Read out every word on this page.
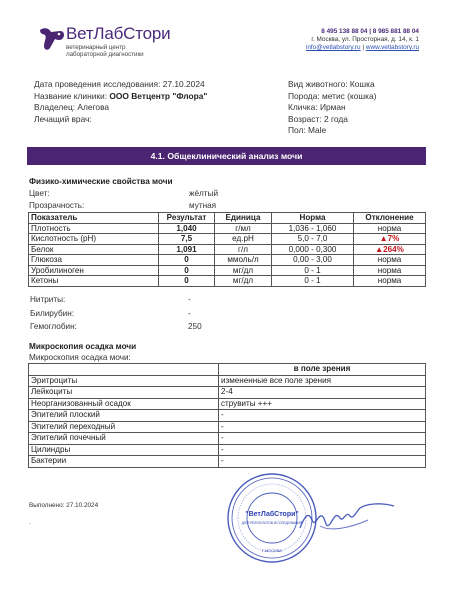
ВетЛабСтори
ветеринарный центр
лабораторной диагностики
8 495 138 88 04 | 8 985 881 88 04
г. Москва, ул. Просторная, д. 14, к. 1
info@vetlabstory.ru | www.vetlabstory.ru
Дата проведения исследования: 27.10.2024
Название клиники: ООО Ветцентр "Флора"
Владелец: Алегова
Лечащий врач:
Вид животного: Кошка
Порода: метис (кошка)
Кличка: Ирман
Возраст: 2 года
Пол: Male
4.1. Общеклинический анализ мочи
Физико-химические свойства мочи
Цвет:	жёлтый
Прозрачность:	мутная
Показатель	Результат	Единица	Норма	Отклонение
Плотность	1,040	г/мл	1,036 - 1,060	норма
Кислотность (pH)	7,5	ед.pH	5,0 - 7,0	▲7%
Белок	1,091	г/л	0,000 - 0,300	▲264%
Глюкоза	0	ммоль/л	0,00 - 3,00	норма
Уробилиноген	0	мг/дл	0 - 1	норма
Кетоны	0	мг/дл	0 - 1	норма
Нитриты:	-
Билирубин:	-
Гемоглобин:	250
Микроскопия осадка мочи
Микроскопия осадка мочи:
	в поле зрения
Эритроциты	измененные все поле зрения
Лейкоциты	2-4
Неорганизованный осадок	струвиты +++
Эпителий плоский	-
Эпителий переходный	-
Эпителий почечный	-
Цилиндры	-
Бактерии	-
Выполнено: 27.10.2024
.
"ВетЛабСтори"
ДЛЯ РЕЗУЛЬТАТОВ ИССЛЕДОВАНИЙ
Г.МОСКВА
